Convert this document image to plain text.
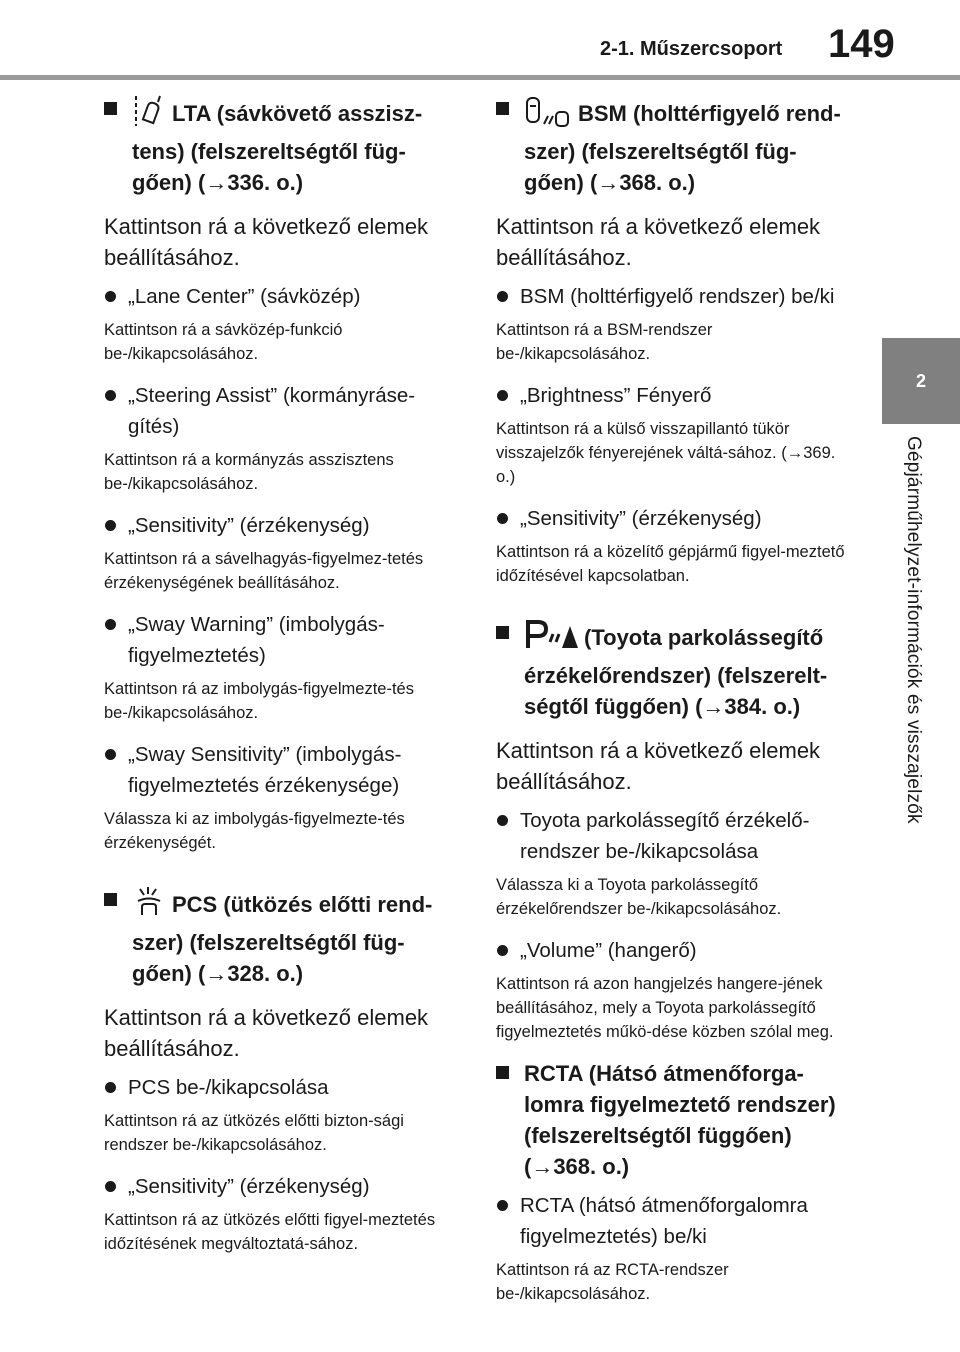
2-1. Műszercsoport 149
2
Gépjárműhelyzet-információk és visszajelzők

LTA (sávkövető asszisz-tens) (felszereltségtől füg-gően) (→336. o.)

Kattintson rá a következő elemek beállításához.

„Lane Center” (sávközép)

Kattintson rá a sávközép-funkció be-/kikapcsolásához.

„Steering Assist” (kormányráse-gítés)

Kattintson rá a kormányzás asszisztens be-/kikapcsolásához.

„Sensitivity” (érzékenység)

Kattintson rá a sávelhagyás-figyelmez-tetés érzékenységének beállításához.

„Sway Warning” (imbolygás-figyelmeztetés)

Kattintson rá az imbolygás-figyelmezte-tés be-/kikapcsolásához.

„Sway Sensitivity” (imbolygás-figyelmeztetés érzékenysége)

Válassza ki az imbolygás-figyelmezte-tés érzékenységét.

PCS (ütközés előtti rend-szer) (felszereltségtől füg-gően) (→328. o.)

Kattintson rá a következő elemek beállításához.

PCS be-/kikapcsolása

Kattintson rá az ütközés előtti bizton-sági rendszer be-/kikapcsolásához.

„Sensitivity” (érzékenység)

Kattintson rá az ütközés előtti figyel-meztetés időzítésének megváltoztatá-sához.

BSM (holttérfigyelő rend-szer) (felszereltségtől füg-gően) (→368. o.)

Kattintson rá a következő elemek beállításához.

BSM (holttérfigyelő rendszer) be/ki

Kattintson rá a BSM-rendszer be-/kikapcsolásához.

„Brightness” Fényerő

Kattintson rá a külső visszapillantó tükör visszajelzők fényerejének váltá-sához. (→369. o.)

„Sensitivity” (érzékenység)

Kattintson rá a közelítő gépjármű figyel-meztető időzítésével kapcsolatban.

(Toyota parkolássegítő érzékelőrendszer) (felszerelt-ségtől függően) (→384. o.)

Kattintson rá a következő elemek beállításához.

Toyota parkolássegítő érzékelő-rendszer be-/kikapcsolása

Válassza ki a Toyota parkolássegítő érzékelőrendszer be-/kikapcsolásához.

„Volume” (hangerő)

Kattintson rá azon hangjelzés hangere-jének beállításához, mely a Toyota parkolássegítő figyelmeztetés műkö-dése közben szólal meg.

RCTA (Hátsó átmenőforga-lomra figyelmeztető rendszer) (felszereltségtől függően) (→368. o.)

RCTA (hátsó átmenőforgalomra figyelmeztetés) be/ki

Kattintson rá az RCTA-rendszer be-/kikapcsolásához.
